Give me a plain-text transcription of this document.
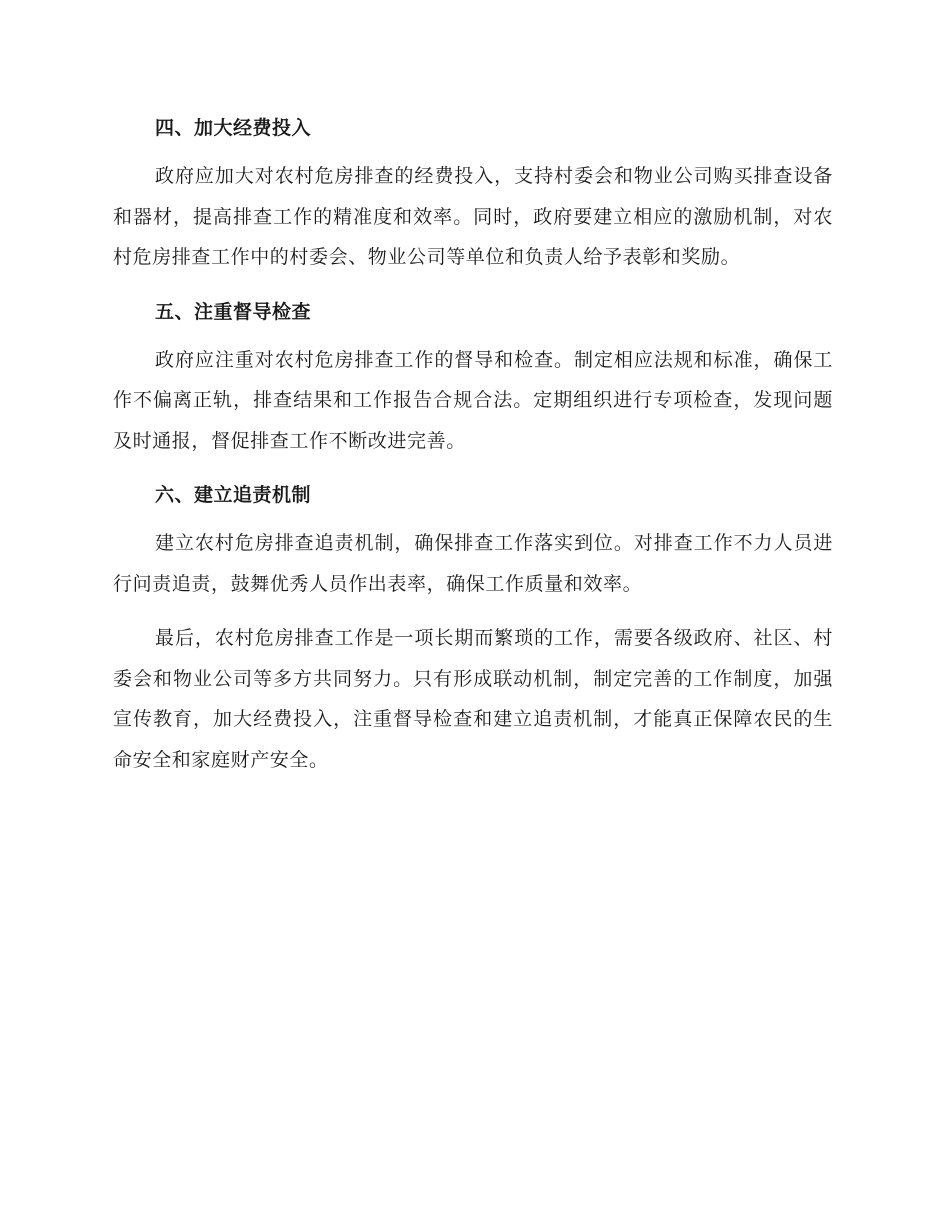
四、加大经费投入

政府应加大对农村危房排查的经费投入，支持村委会和物业公司购买排查设备和器材，提高排查工作的精准度和效率。同时，政府要建立相应的激励机制，对农村危房排查工作中的村委会、物业公司等单位和负责人给予表彰和奖励。

五、注重督导检查

政府应注重对农村危房排查工作的督导和检查。制定相应法规和标准，确保工作不偏离正轨，排查结果和工作报告合规合法。定期组织进行专项检查，发现问题及时通报，督促排查工作不断改进完善。

六、建立追责机制

建立农村危房排查追责机制，确保排查工作落实到位。对排查工作不力人员进行问责追责，鼓舞优秀人员作出表率，确保工作质量和效率。

最后，农村危房排查工作是一项长期而繁琐的工作，需要各级政府、社区、村委会和物业公司等多方共同努力。只有形成联动机制，制定完善的工作制度，加强宣传教育，加大经费投入，注重督导检查和建立追责机制，才能真正保障农民的生命安全和家庭财产安全。
